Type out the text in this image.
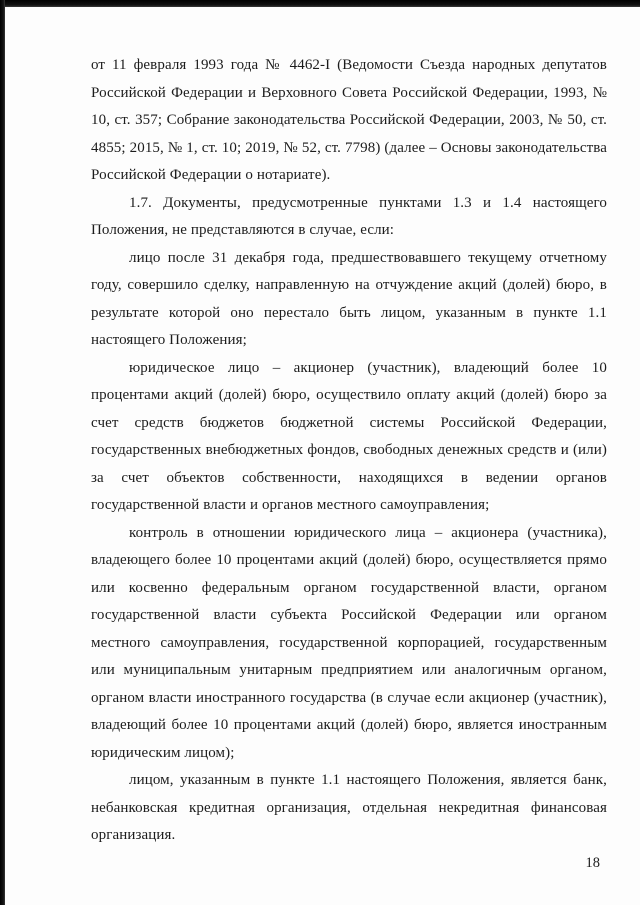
от 11 февраля 1993 года № 4462-I (Ведомости Съезда народных депутатов Российской Федерации и Верховного Совета Российской Федерации, 1993, № 10, ст. 357; Собрание законодательства Российской Федерации, 2003, № 50, ст. 4855; 2015, № 1, ст. 10; 2019, № 52, ст. 7798) (далее – Основы законодательства Российской Федерации о нотариате).

1.7. Документы, предусмотренные пунктами 1.3 и 1.4 настоящего Положения, не представляются в случае, если:

лицо после 31 декабря года, предшествовавшего текущему отчетному году, совершило сделку, направленную на отчуждение акций (долей) бюро, в результате которой оно перестало быть лицом, указанным в пункте 1.1 настоящего Положения;

юридическое лицо – акционер (участник), владеющий более 10 процентами акций (долей) бюро, осуществило оплату акций (долей) бюро за счет средств бюджетов бюджетной системы Российской Федерации, государственных внебюджетных фондов, свободных денежных средств и (или) за счет объектов собственности, находящихся в ведении органов государственной власти и органов местного самоуправления;

контроль в отношении юридического лица – акционера (участника), владеющего более 10 процентами акций (долей) бюро, осуществляется прямо или косвенно федеральным органом государственной власти, органом государственной власти субъекта Российской Федерации или органом местного самоуправления, государственной корпорацией, государственным или муниципальным унитарным предприятием или аналогичным органом, органом власти иностранного государства (в случае если акционер (участник), владеющий более 10 процентами акций (долей) бюро, является иностранным юридическим лицом);

лицом, указанным в пункте 1.1 настоящего Положения, является банк, небанковская кредитная организация, отдельная некредитная финансовая организация.

18
